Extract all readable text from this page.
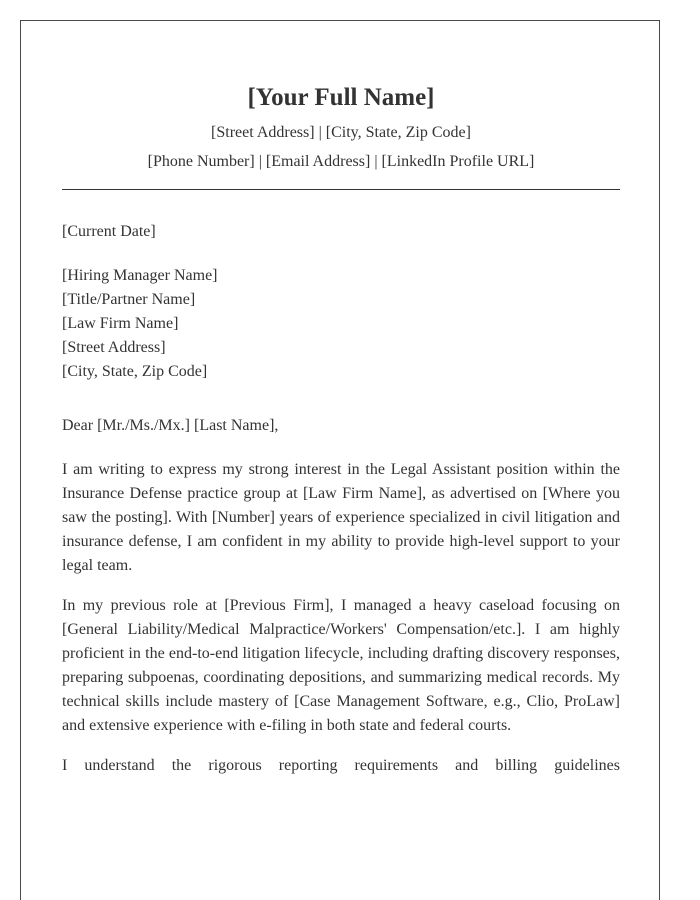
[Your Full Name]
[Street Address] | [City, State, Zip Code]
[Phone Number] | [Email Address] | [LinkedIn Profile URL]
[Current Date]
[Hiring Manager Name]
[Title/Partner Name]
[Law Firm Name]
[Street Address]
[City, State, Zip Code]
Dear [Mr./Ms./Mx.] [Last Name],

I am writing to express my strong interest in the Legal Assistant position within the Insurance Defense practice group at [Law Firm Name], as advertised on [Where you saw the posting]. With [Number] years of experience specialized in civil litigation and insurance defense, I am confident in my ability to provide high-level support to your legal team.

In my previous role at [Previous Firm], I managed a heavy caseload focusing on [General Liability/Medical Malpractice/Workers' Compensation/etc.]. I am highly proficient in the end-to-end litigation lifecycle, including drafting discovery responses, preparing subpoenas, coordinating depositions, and summarizing medical records. My technical skills include mastery of [Case Management Software, e.g., Clio, ProLaw] and extensive experience with e-filing in both state and federal courts.

I understand the rigorous reporting requirements and billing guidelines
